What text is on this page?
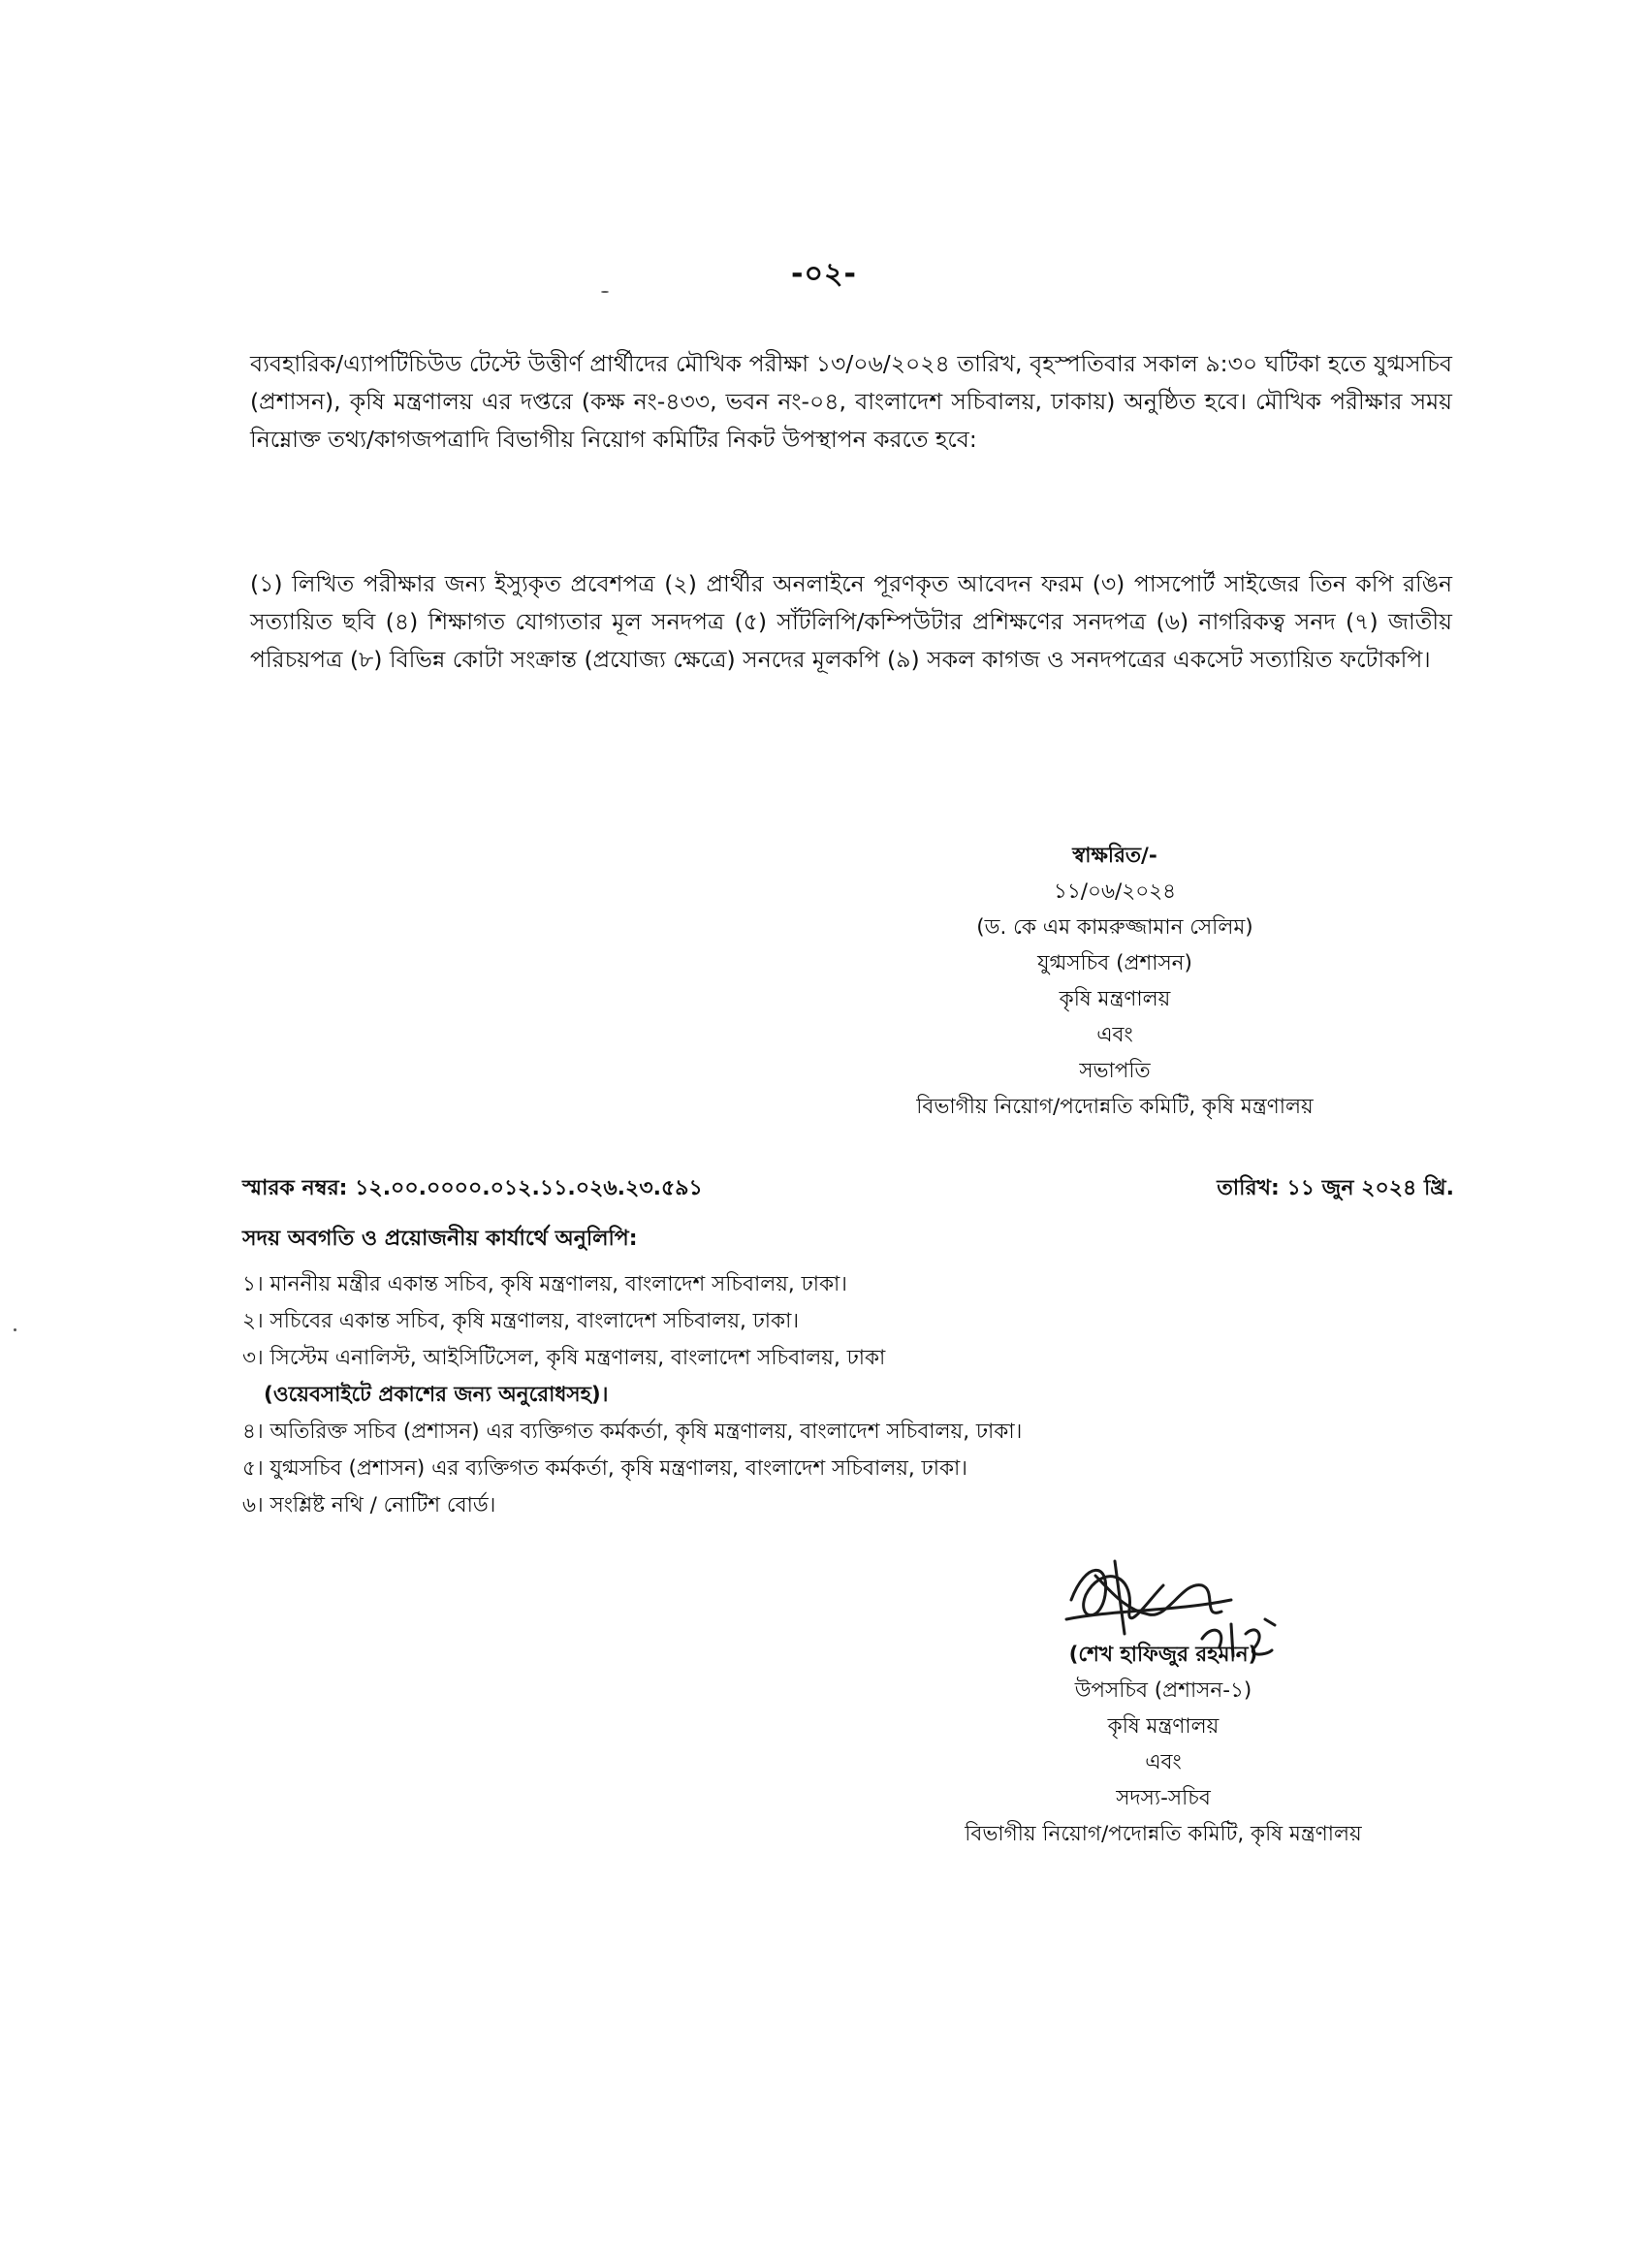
-০২-

ব্যবহারিক/এ্যাপটিচিউড টেস্টে উত্তীর্ণ প্রার্থীদের মৌখিক পরীক্ষা ১৩/০৬/২০২৪ তারিখ, বৃহস্পতিবার সকাল ৯:৩০ ঘটিকা হতে যুগ্মসচিব (প্রশাসন), কৃষি মন্ত্রণালয় এর দপ্তরে (কক্ষ নং-৪৩৩, ভবন নং-০৪, বাংলাদেশ সচিবালয়, ঢাকায়) অনুষ্ঠিত হবে। মৌখিক পরীক্ষার সময় নিম্নোক্ত তথ্য/কাগজপত্রাদি বিভাগীয় নিয়োগ কমিটির নিকট উপস্থাপন করতে হবে:

(১) লিখিত পরীক্ষার জন্য ইস্যুকৃত প্রবেশপত্র (২) প্রার্থীর অনলাইনে পূরণকৃত আবেদন ফরম (৩) পাসপোর্ট সাইজের তিন কপি রঙিন সত্যায়িত ছবি (৪) শিক্ষাগত যোগ্যতার মূল সনদপত্র (৫) সাঁটলিপি/কম্পিউটার প্রশিক্ষণের সনদপত্র (৬) নাগরিকত্ব সনদ (৭) জাতীয় পরিচয়পত্র (৮) বিভিন্ন কোটা সংক্রান্ত (প্রযোজ্য ক্ষেত্রে) সনদের মূলকপি (৯) সকল কাগজ ও সনদপত্রের একসেট সত্যায়িত ফটোকপি।

স্বাক্ষরিত/-
১১/০৬/২০২৪
(ড. কে এম কামরুজ্জামান সেলিম)
যুগ্মসচিব (প্রশাসন)
কৃষি মন্ত্রণালয়
এবং
সভাপতি
বিভাগীয় নিয়োগ/পদোন্নতি কমিটি, কৃষি মন্ত্রণালয়
স্মারক নম্বর: ১২.০০.০০০০.০১২.১১.০২৬.২৩.৫৯১	তারিখ: ১১ জুন ২০২৪ খ্রি.
সদয় অবগতি ও প্রয়োজনীয় কার্যার্থে অনুলিপি:
১। মাননীয় মন্ত্রীর একান্ত সচিব, কৃষি মন্ত্রণালয়, বাংলাদেশ সচিবালয়, ঢাকা।
২। সচিবের একান্ত সচিব, কৃষি মন্ত্রণালয়, বাংলাদেশ সচিবালয়, ঢাকা।
৩। সিস্টেম এনালিস্ট, আইসিটিসেল, কৃষি মন্ত্রণালয়, বাংলাদেশ সচিবালয়, ঢাকা
(ওয়েবসাইটে প্রকাশের জন্য অনুরোধসহ)।
৪। অতিরিক্ত সচিব (প্রশাসন) এর ব্যক্তিগত কর্মকর্তা, কৃষি মন্ত্রণালয়, বাংলাদেশ সচিবালয়, ঢাকা।
৫। যুগ্মসচিব (প্রশাসন) এর ব্যক্তিগত কর্মকর্তা, কৃষি মন্ত্রণালয়, বাংলাদেশ সচিবালয়, ঢাকা।
৬। সংশ্লিষ্ট নথি / নোটিশ বোর্ড।
(শেখ হাফিজুর রহমান)
উপসচিব (প্রশাসন-১)
কৃষি মন্ত্রণালয়
এবং
সদস্য-সচিব
বিভাগীয় নিয়োগ/পদোন্নতি কমিটি, কৃষি মন্ত্রণালয়
